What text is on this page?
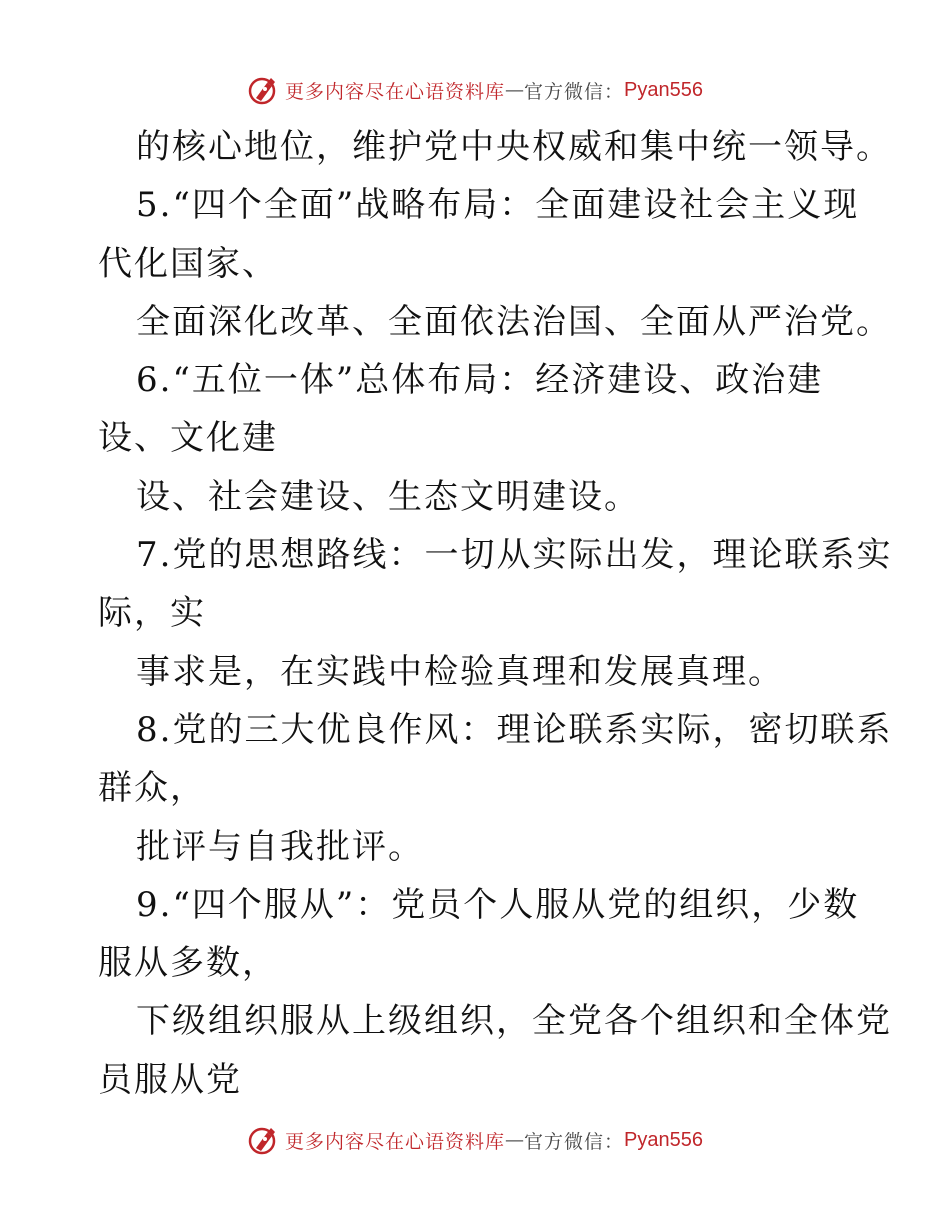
更多内容尽在心语资料库 — 官方微信： Pyan556
的核心地位，维护党中央权威和集中统一领导。
5.“四个全面”战略布局：全面建设社会主义现
代化国家、
全面深化改革、全面依法治国、全面从严治党。
6.“五位一体”总体布局：经济建设、政治建
设、文化建
设、社会建设、生态文明建设。
7.党的思想路线：一切从实际出发，理论联系实
际，实
事求是，在实践中检验真理和发展真理。
8.党的三大优良作风：理论联系实际，密切联系
群众，
批评与自我批评。
9.“四个服从”：党员个人服从党的组织，少数
服从多数，
下级组织服从上级组织，全党各个组织和全体党
员服从党
更多内容尽在心语资料库 — 官方微信： Pyan556
